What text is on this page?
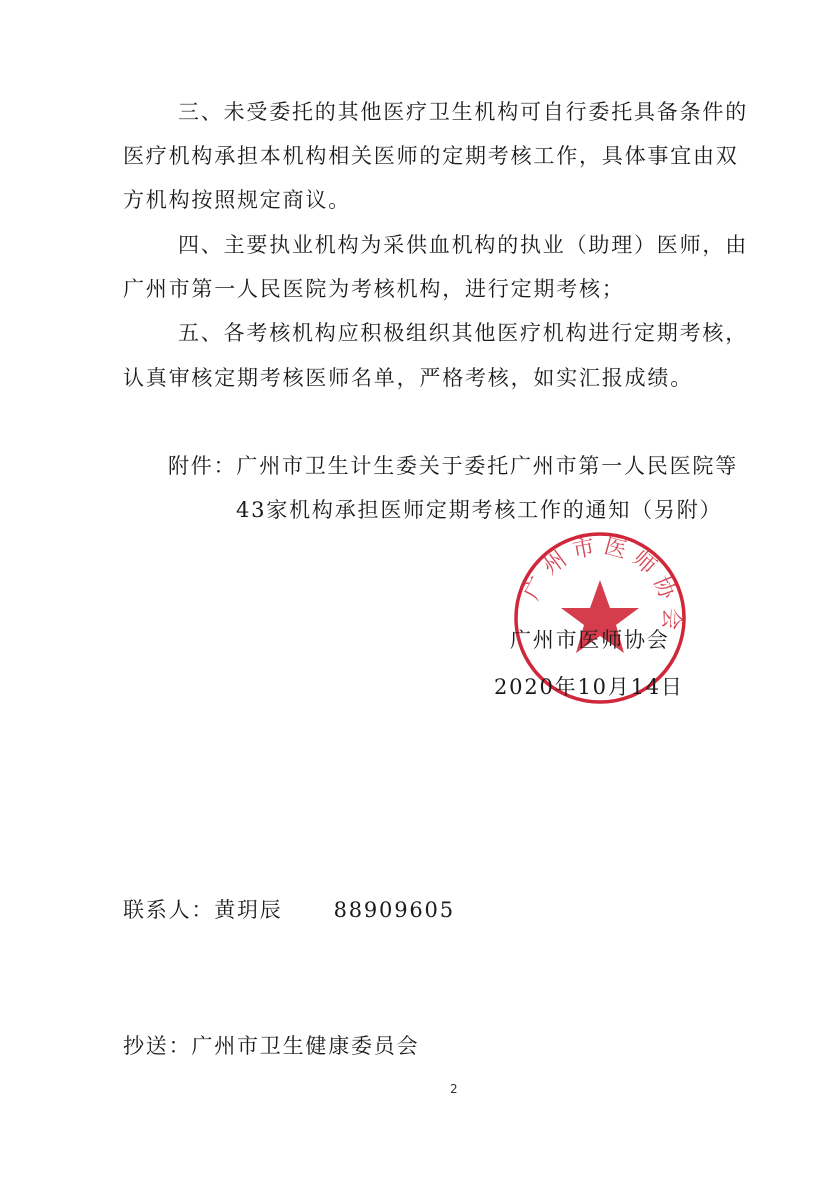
三、未受委托的其他医疗卫生机构可自行委托具备条件的
医疗机构承担本机构相关医师的定期考核工作，具体事宜由双
方机构按照规定商议。
四、主要执业机构为采供血机构的执业（助理）医师，由
广州市第一人民医院为考核机构，进行定期考核；
五、各考核机构应积极组织其他医疗机构进行定期考核，
认真审核定期考核医师名单，严格考核，如实汇报成绩。
附件：广州市卫生计生委关于委托广州市第一人民医院等
43家机构承担医师定期考核工作的通知（另附）
广州市医师协会
广州市医师协会
2020年10月14日
联系人：黄玥辰 88909605
抄送：广州市卫生健康委员会
2
